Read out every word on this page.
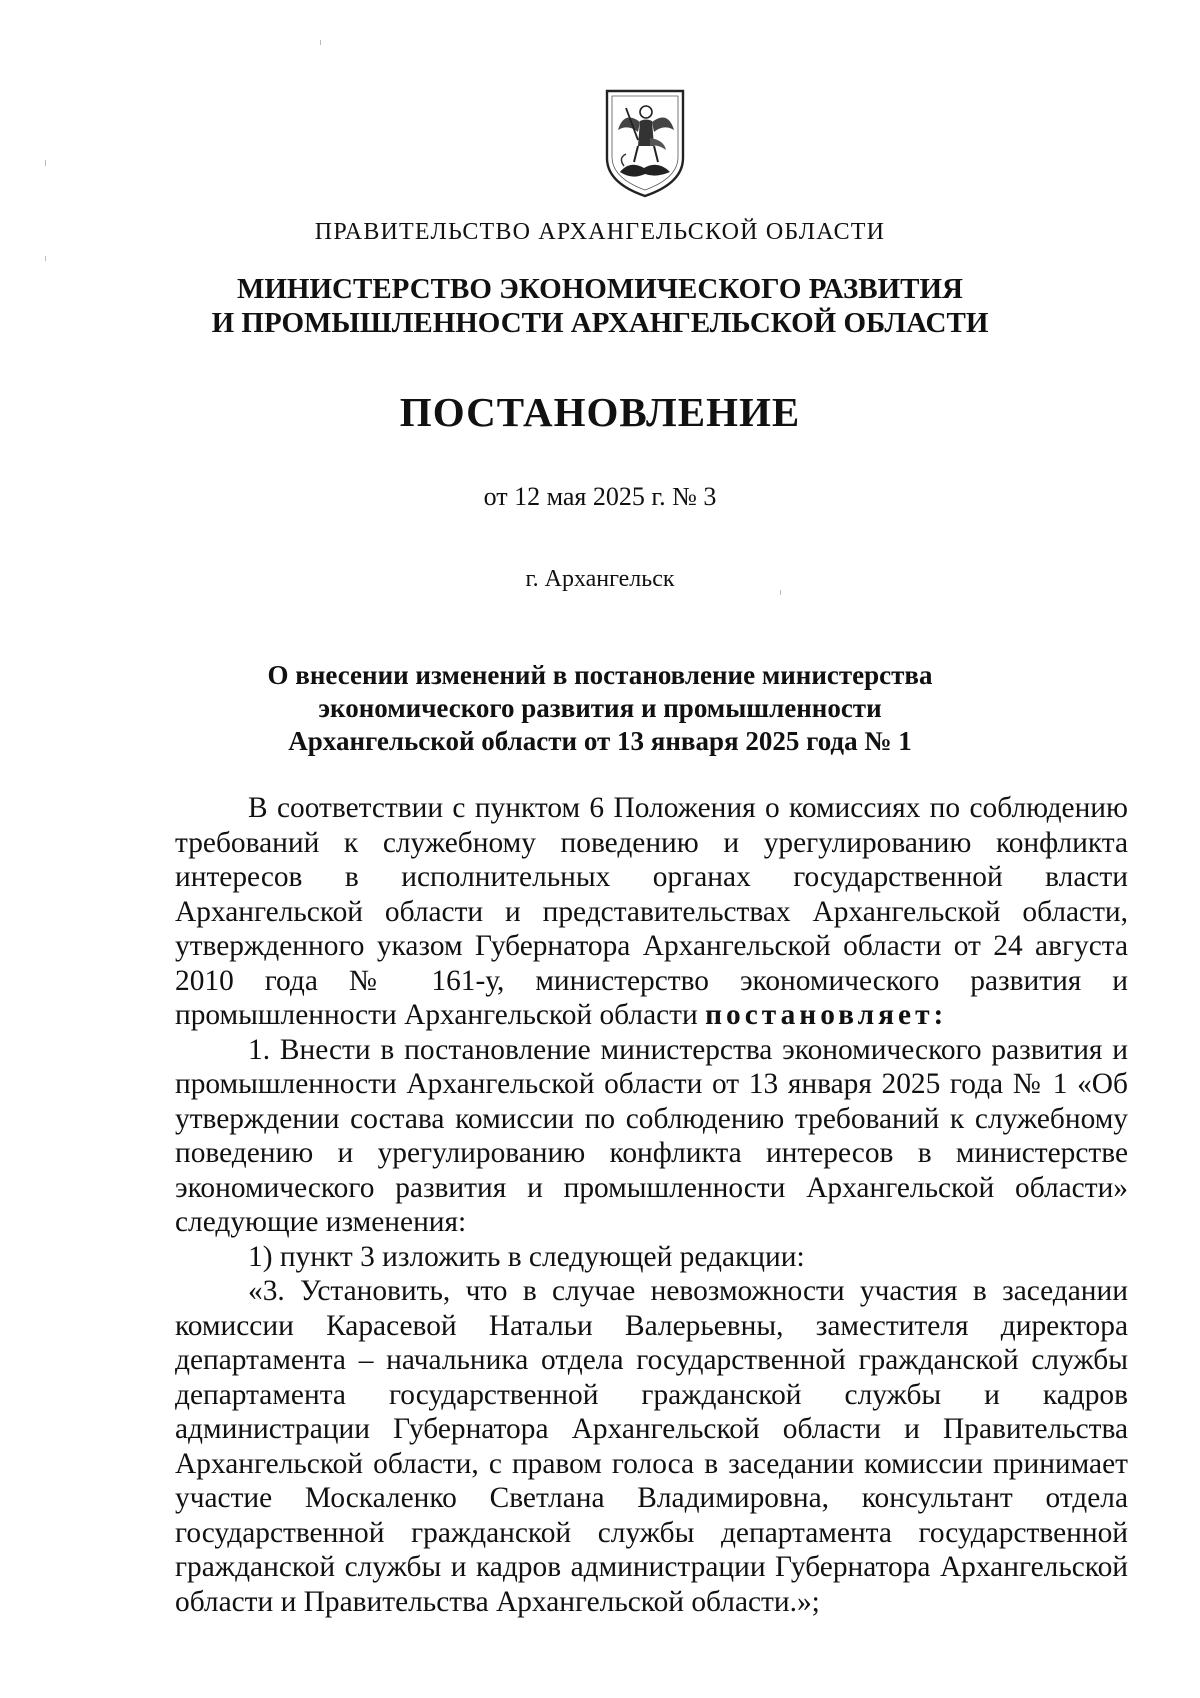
ПРАВИТЕЛЬСТВО АРХАНГЕЛЬСКОЙ ОБЛАСТИ
МИНИСТЕРСТВО ЭКОНОМИЧЕСКОГО РАЗВИТИЯ
И ПРОМЫШЛЕННОСТИ АРХАНГЕЛЬСКОЙ ОБЛАСТИ
ПОСТАНОВЛЕНИЕ
от 12 мая 2025 г. № 3
г. Архангельск
О внесении изменений в постановление министерства
экономического развития и промышленности
Архангельской области от 13 января 2025 года № 1

В соответствии с пунктом 6 Положения о комиссиях по соблюдению требований к служебному поведению и урегулированию конфликта интересов в исполнительных органах государственной власти Архангельской области и представительствах Архангельской области, утвержденного указом Губернатора Архангельской области от 24 августа 2010 года № 161-у, министерство экономического развития и промышленности Архангельской области постановляет:

1. Внести в постановление министерства экономического развития и промышленности Архангельской области от 13 января 2025 года № 1 «Об утверждении состава комиссии по соблюдению требований к служебному поведению и урегулированию конфликта интересов в министерстве экономического развития и промышленности Архангельской области» следующие изменения:

1) пункт 3 изложить в следующей редакции:

«3. Установить, что в случае невозможности участия в заседании комиссии Карасевой Натальи Валерьевны, заместителя директора департамента – начальника отдела государственной гражданской службы департамента государственной гражданской службы и кадров администрации Губернатора Архангельской области и Правительства Архангельской области, с правом голоса в заседании комиссии принимает участие Москаленко Светлана Владимировна, консультант отдела государственной гражданской службы департамента государственной гражданской службы и кадров администрации Губернатора Архангельской области и Правительства Архангельской области.»;
